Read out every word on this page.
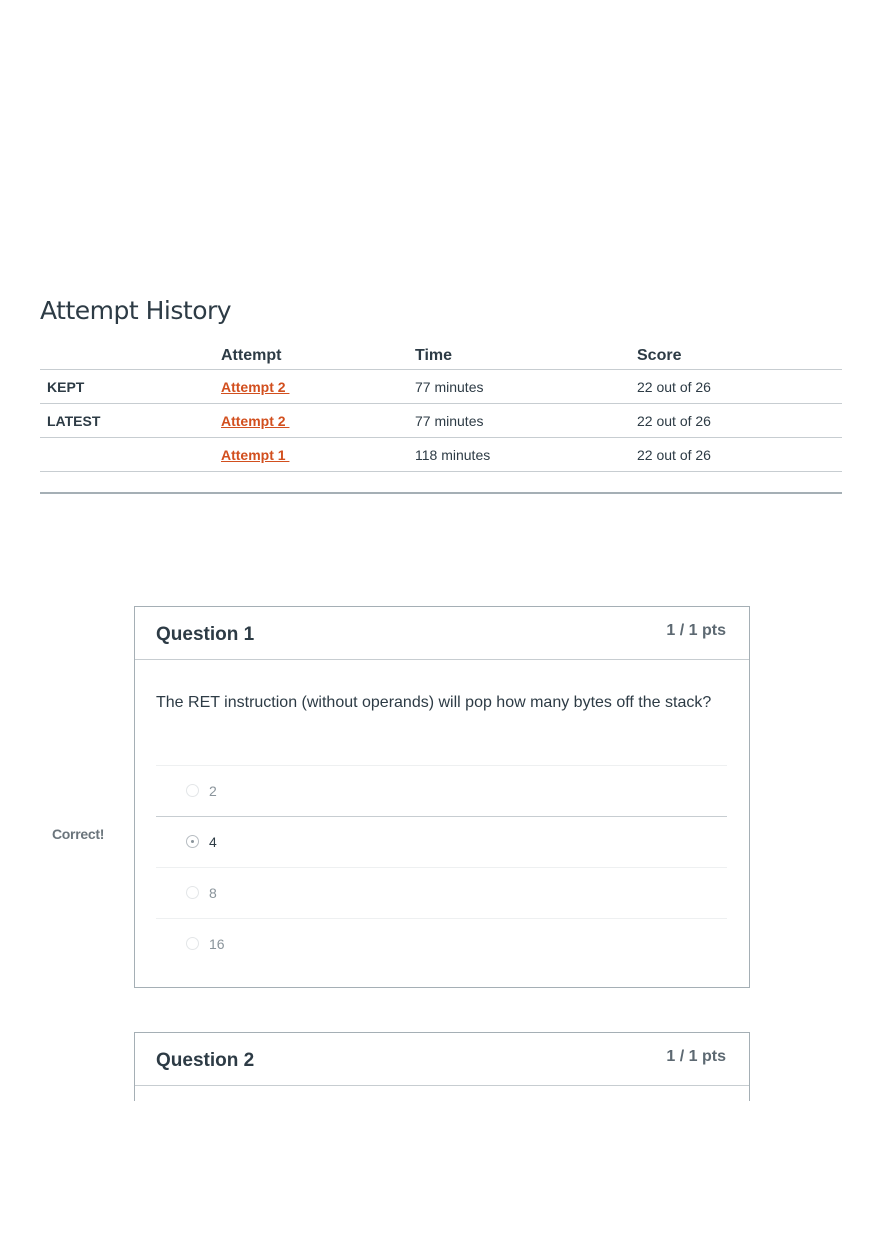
Attempt History
	Attempt	Time	Score
KEPT	Attempt 2	77 minutes	22 out of 26
LATEST	Attempt 2	77 minutes	22 out of 26
	Attempt 1	118 minutes	22 out of 26

Correct!
Question 1	1 / 1 pts
The RET instruction (without operands) will pop how many bytes off the stack?
2
4
8
16
Question 2	1 / 1 pts
